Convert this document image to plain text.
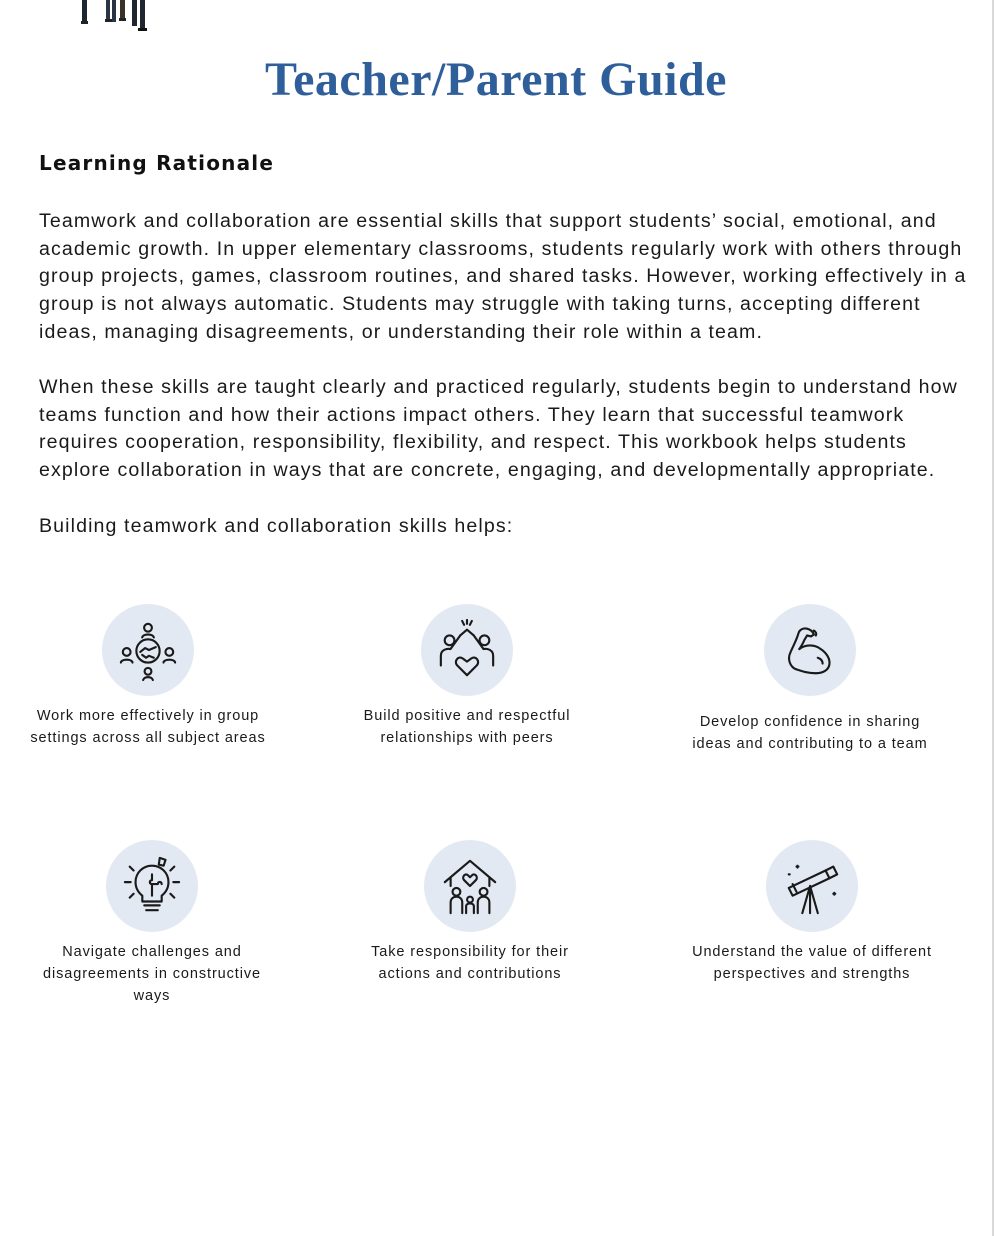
Teacher/Parent Guide
Learning Rationale

Teamwork and collaboration are essential skills that support students’ social, emotional, and academic growth. In upper elementary classrooms, students regularly work with others through group projects, games, classroom routines, and shared tasks. However, working effectively in a group is not always automatic. Students may struggle with taking turns, accepting different ideas, managing disagreements, or understanding their role within a team.

When these skills are taught clearly and practiced regularly, students begin to understand how teams function and how their actions impact others. They learn that successful teamwork requires cooperation, responsibility, flexibility, and respect. This workbook helps students explore collaboration in ways that are concrete, engaging, and developmentally appropriate.

Building teamwork and collaboration skills helps:

Work more effectively in group settings across all subject areas
Build positive and respectful relationships with peers
Develop confidence in sharing ideas and contributing to a team
Navigate challenges and disagreements in constructive ways
Take responsibility for their actions and contributions
Understand the value of different perspectives and strengths
